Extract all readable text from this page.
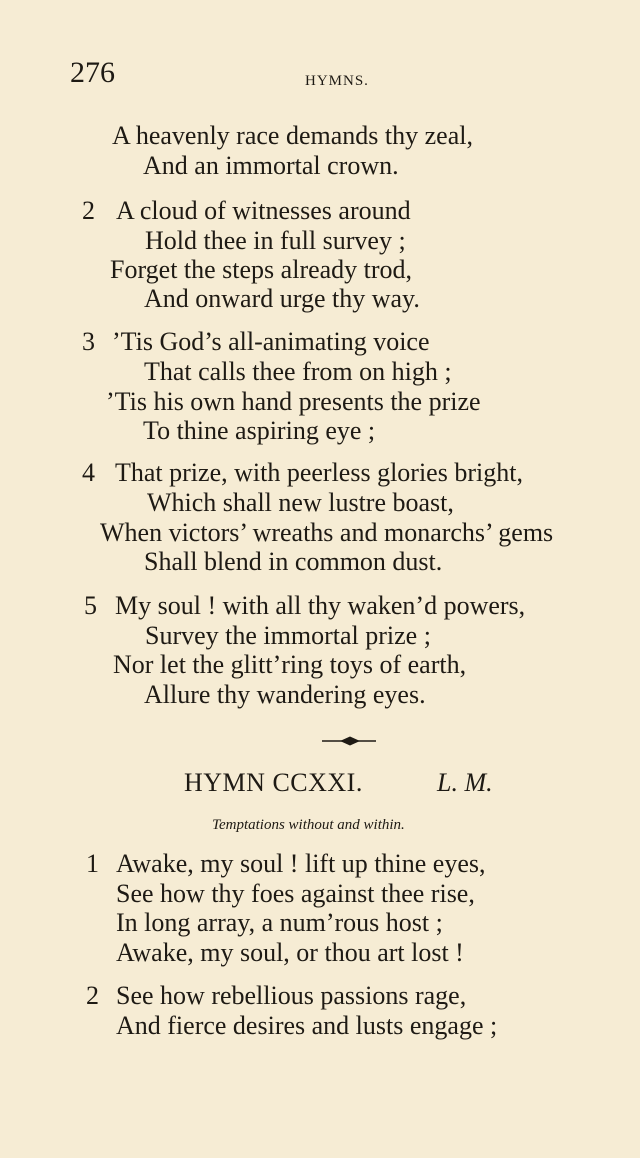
276	HYMNS.
A heavenly race demands thy zeal,
And an immortal crown.
2 A cloud of witnesses around
Hold thee in full survey ;
Forget the steps already trod,
And onward urge thy way.
3 ’Tis God’s all-animating voice
That calls thee from on high ;
’Tis his own hand presents the prize
To thine aspiring eye ;
4 That prize, with peerless glories bright,
Which shall new lustre boast,
When victors’ wreaths and monarchs’ gems
Shall blend in common dust.
5 My soul ! with all thy waken’d powers,
Survey the immortal prize ;
Nor let the glitt’ring toys of earth,
Allure thy wandering eyes.
HYMN CCXXI.	L. M.
Temptations without and within.
1 Awake, my soul ! lift up thine eyes,
See how thy foes against thee rise,
In long array, a num’rous host ;
Awake, my soul, or thou art lost !
2 See how rebellious passions rage,
And fierce desires and lusts engage ;
